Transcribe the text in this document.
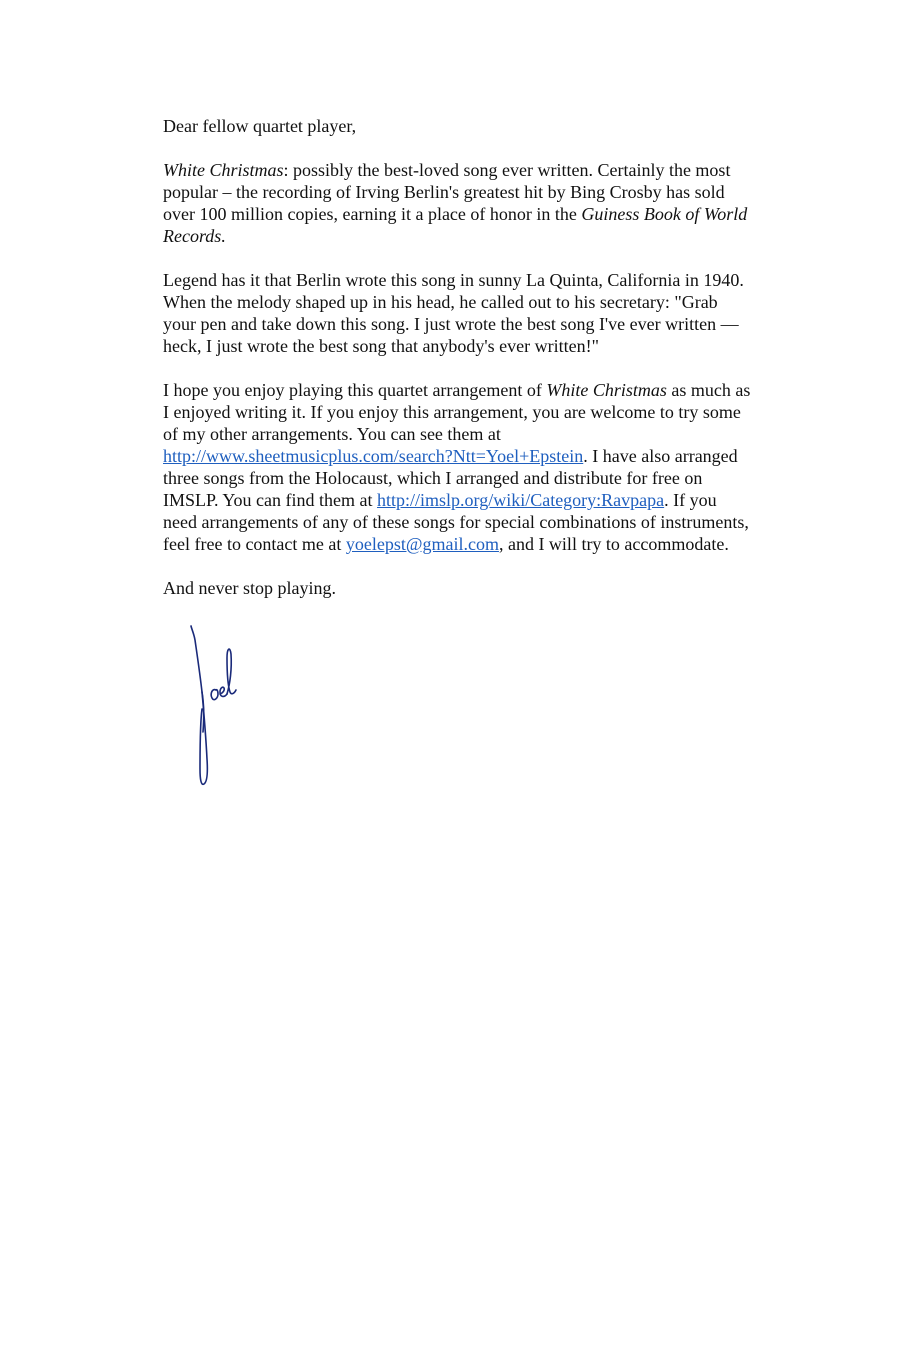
Dear fellow quartet player,

White Christmas: possibly the best-loved song ever written. Certainly the most popular – the recording of Irving Berlin's greatest hit by Bing Crosby has sold over 100 million copies, earning it a place of honor in the Guiness Book of World Records.

Legend has it that Berlin wrote this song in sunny La Quinta, California in 1940. When the melody shaped up in his head, he called out to his secretary: "Grab your pen and take down this song. I just wrote the best song I've ever written — heck, I just wrote the best song that anybody's ever written!"

I hope you enjoy playing this quartet arrangement of White Christmas as much as I enjoyed writing it. If you enjoy this arrangement, you are welcome to try some of my other arrangements. You can see them at http://www.sheetmusicplus.com/search?Ntt=Yoel+Epstein. I have also arranged three songs from the Holocaust, which I arranged and distribute for free on IMSLP. You can find them at http://imslp.org/wiki/Category:Ravpapa. If you need arrangements of any of these songs for special combinations of instruments, feel free to contact me at yoelepst@gmail.com, and I will try to accommodate.

And never stop playing.
